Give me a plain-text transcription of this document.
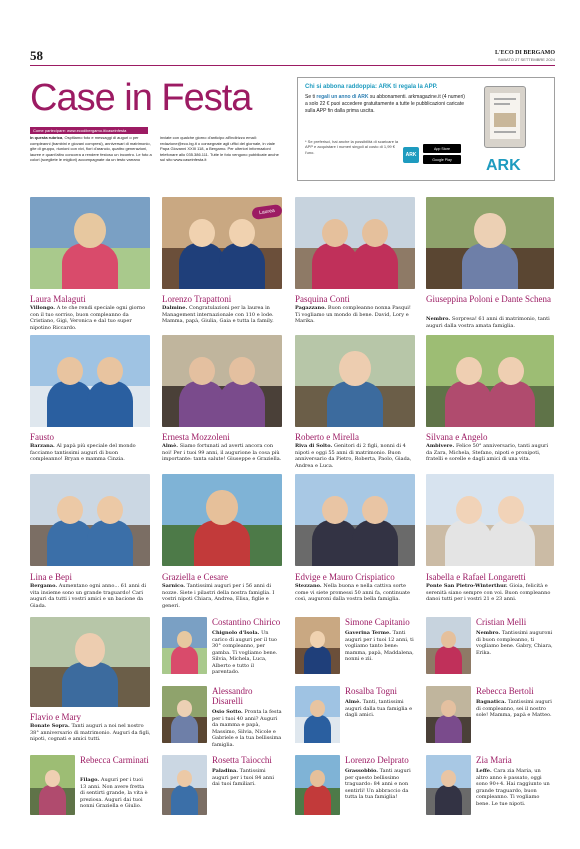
58	L'ECO DI BERGAMO
SABATO 27 SETTEMBRE 2024
Case in Festa
Come partecipare: www.ecodibergamo.it/caseinfesta
In questa rubrica, Ospitiamo foto e messaggi di auguri o per compleanni (bambini e giovani compresi), anniversari di matrimonio, gite di gruppo, riunioni con vivi, fiori d'arancio, quattro generazioni, lauree e quant'altro concorra a rendere festoso un incontro. Le foto a colori (scegliete le migliori) accompagnate da un testo varrano
inviate con qualche giorno d'anticipo all'indirizzo email: redazione@eco.bg.it o consegnate agli uffici del giornale, in viale Papa Giovanni XXIII 118, a Bergamo. Per ulteriori informazioni telefonare allo 035.386.111. Tutte le foto vengono pubblicate anche sul sito www.caseinfesta.it
Chi si abbona raddoppia: ARK ti regala la APP.
Se ti regali un anno di ARK su abbonamenti. arkmagazine.it (4 numeri) a solo 22 € puoi accedere gratuitamente a tutte le pubblicazioni caricate sulla APP fin dalla prima uscita.
* Se preferisci, hai anche la possibilità di scaricare la APP e acquistare i numeri singoli al costo di 1,99 € l'uno.	ARK
App Store
Google Play	ARK
Laura Malaguti
Villongo. A te che rendi speciale ogni giorno con il tuo sorriso, buon compleanno da Cristiano, Gigi, Veronica e dal tuo super nipotino Riccardo.
Lorenzo Trapattoni
Dalmine. Congratulazioni per la laurea in Management internazionale con 110 e lode. Mamma, papà, Giulia, Gaia e tutta la family.
Pasquina Conti
Pagazzano. Buon compleanno nonna Pasqui! Ti vogliamo un mondo di bene. David, Lory e Marika.
Giuseppina Poloni e Dante Schena
Nembro. Sorpresa! 61 anni di matrimonio, tanti auguri dalla vostra amata famiglia.
Fausto
Barzana. Al papà più speciale del mondo facciamo tantissimi auguri di buon compleanno! Bryan e mamma Cinzia.
Ernesta Mozzoleni
Almè. Siamo fortunati ad averti ancora con noi! Per i tuoi 99 anni, il augurione la cosa più importante: tanta salute! Giuseppe e Graziella.
Roberto e Mirella
Riva di Solto. Genitori di 2 figli, nonni di 4 nipoti e oggi 55 anni di matrimonio. Buon anniversario da Pietro, Roberta, Paolo, Giada, Andrea e Luca.
Silvana e Angelo
Ambivere. Felice 50° anniversario, tanti auguri da Zara, Michela, Stefano, nipoti e pronipoti, fratelli e sorelle e dagli amici di una vita.
Lina e Bepi
Bergamo. Aumentano ogni anno... 61 anni di vita insieme sono un grande traguardo! Cari auguri da tutti i vostri amici e un bacione da Giada.
Graziella e Cesare
Sarnico. Tantissimi auguri per i 56 anni di nozze. Siete i pilastri della nostra famiglia. I vostri nipoti Chiara, Andrea, Elisa, figlie e generi.
Edvige e Mauro Crispiatico
Stezzano. Nella buona e nella cattiva sorte come vi siete promessi 50 anni fa, continuate così, auguroni dalla vostra bella famiglia.
Isabella e Rafael Longaretti
Ponte San Pietro-Winterthur. Gioia, felicità e serenità siano sempre con voi. Buon compleanno danoi tutti per i vostri 21 e 23 anni.
Costantino Chirico
Chignolo d'Isola. Un carico di auguri per il tuo 30° compleanno, per gamba. Ti vogliamo bene. Silvia, Michela, Luca, Alberto e tutto il parentado.
Simone Capitanio
Gaverina Terme. Tanti auguri per i tuoi 12 anni, ti vogliamo tanto bene: mamma, papà, Maddalena, nonni e zii.
Cristian Melli
Nembro. Tantissimi auguroni di buon compleanno, ti vogliamo bene. Gabry, Chiara, Erika.
Alessandro Disarelli
Osio Sotto. Pronta la festa per i tuoi 40 anni? Auguri da mamma e papà, Massimo, Silvia, Nicole e Gabriele e la tua bellissima famiglia.
Rosalba Togni
Almè. Tanti, tantissimi auguri dalla tua famiglia e dagli amici.
Rebecca Bertoli
Bagnatica. Tantissimi auguri di compleanno, sei il nostro sole! Mamma, papà e Matteo.
Flavio e Mary
Bonate Sopra. Tanti auguri a noi nel nostro 38° anniversario di matrimonio. Auguri da figli, nipoti, cognati e amici tutti.
Rebecca Carminati
Filago. Auguri per i tuoi 13 anni. Non avere fretta di sentirti grande, la vita è preziosa. Auguri dai tuoi nonni Graziella e Giulio.
Rosetta Taiocchi
Paladina. Tantissimi auguri per i tuoi 84 anni dai tuoi familiari.
Lorenzo Delprato
Grassobbio. Tanti auguri per questo bellissimo traguardo: 84 anni e non sentirli! Un abbraccio da tutta la tua famiglia!
Zia Maria
Leffe. Cara zia Maria, un altro anno è passato, oggi sono 90+4. Hai raggiunto un grande traguardo, buon compleanno. Ti vogliamo bene. Le tue nipoti.
Laurea
